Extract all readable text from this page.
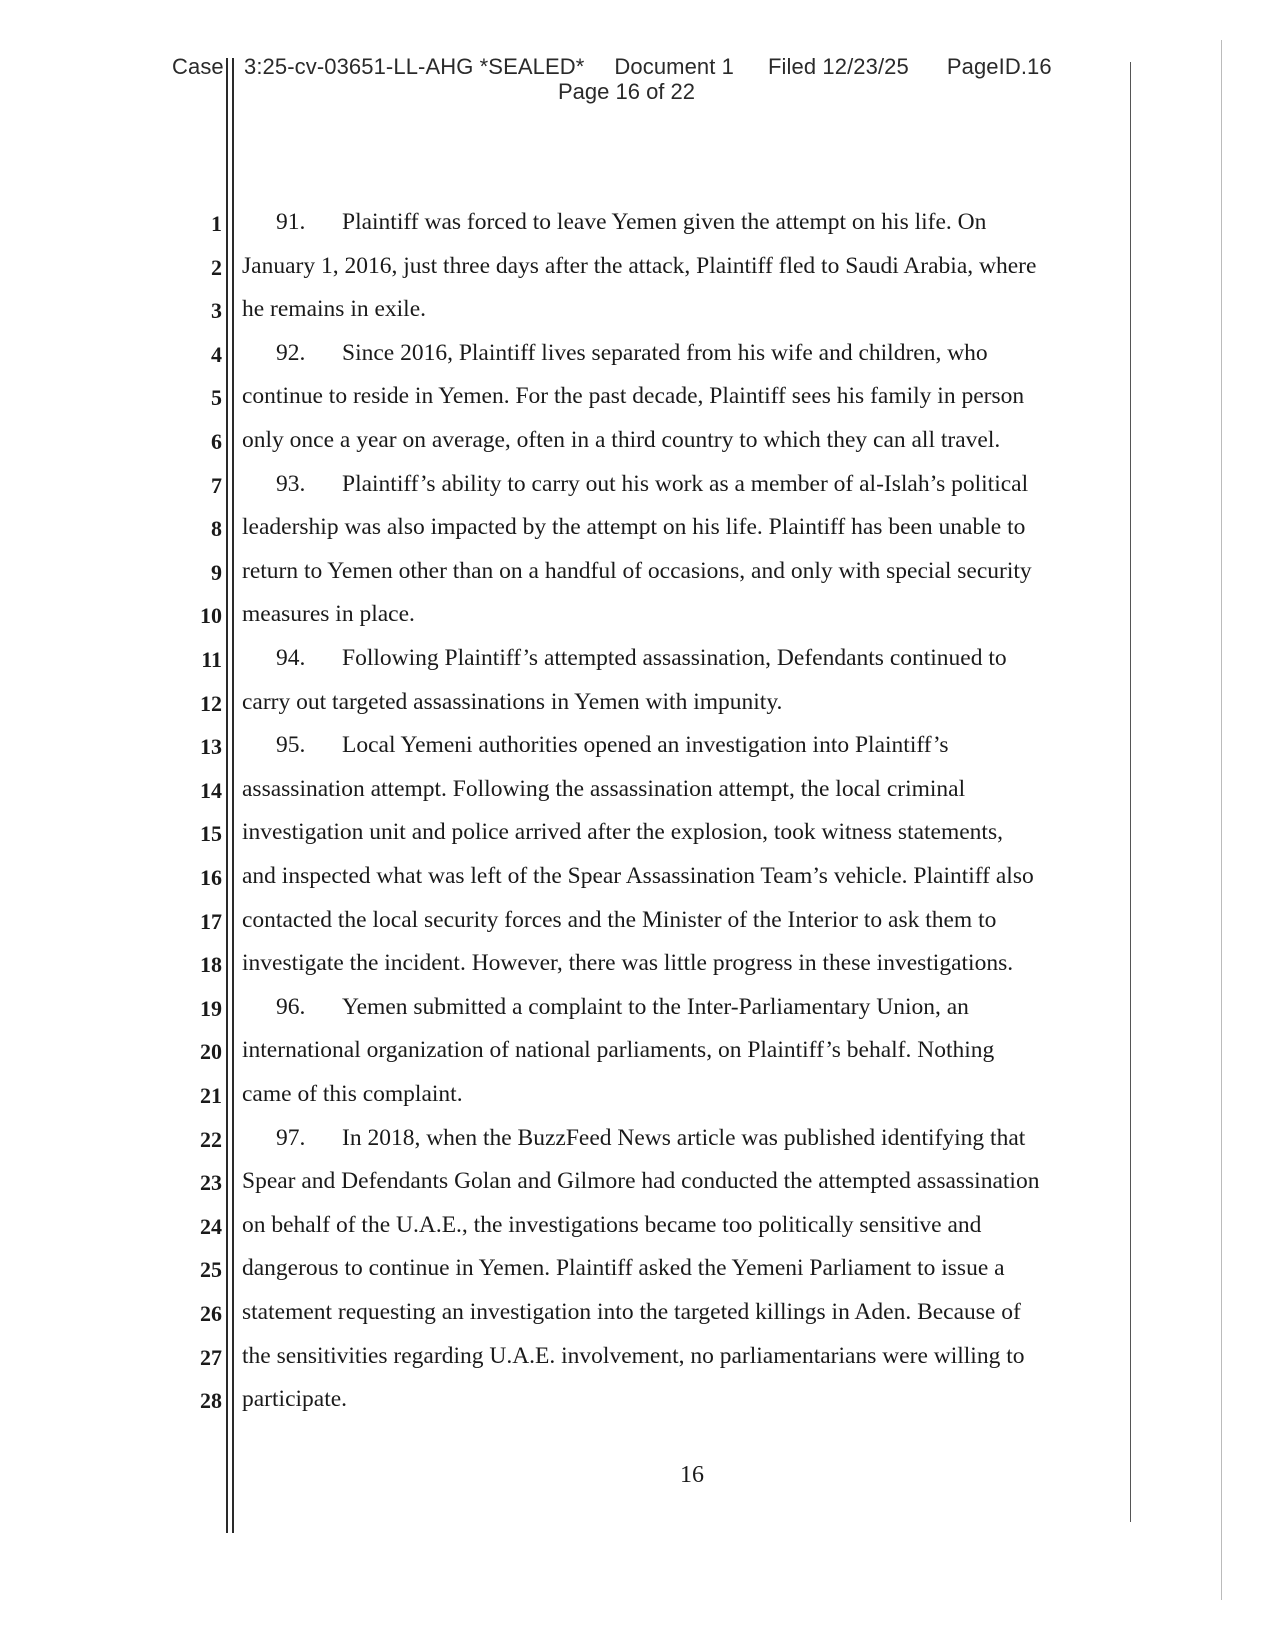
Case 3:25-cv-03651-LL-AHG *SEALED* Document 1 Filed 12/23/25 PageID.16
Page 16 of 22
1 91. Plaintiff was forced to leave Yemen given the attempt on his life. On
2 January 1, 2016, just three days after the attack, Plaintiff fled to Saudi Arabia, where
3 he remains in exile.
4 92. Since 2016, Plaintiff lives separated from his wife and children, who
5 continue to reside in Yemen. For the past decade, Plaintiff sees his family in person
6 only once a year on average, often in a third country to which they can all travel.
7 93. Plaintiff’s ability to carry out his work as a member of al-Islah’s political
8 leadership was also impacted by the attempt on his life. Plaintiff has been unable to
9 return to Yemen other than on a handful of occasions, and only with special security
10 measures in place.
11 94. Following Plaintiff’s attempted assassination, Defendants continued to
12 carry out targeted assassinations in Yemen with impunity.
13 95. Local Yemeni authorities opened an investigation into Plaintiff’s
14 assassination attempt. Following the assassination attempt, the local criminal
15 investigation unit and police arrived after the explosion, took witness statements,
16 and inspected what was left of the Spear Assassination Team’s vehicle. Plaintiff also
17 contacted the local security forces and the Minister of the Interior to ask them to
18 investigate the incident. However, there was little progress in these investigations.
19 96. Yemen submitted a complaint to the Inter-Parliamentary Union, an
20 international organization of national parliaments, on Plaintiff’s behalf. Nothing
21 came of this complaint.
22 97. In 2018, when the BuzzFeed News article was published identifying that
23 Spear and Defendants Golan and Gilmore had conducted the attempted assassination
24 on behalf of the U.A.E., the investigations became too politically sensitive and
25 dangerous to continue in Yemen. Plaintiff asked the Yemeni Parliament to issue a
26 statement requesting an investigation into the targeted killings in Aden. Because of
27 the sensitivities regarding U.A.E. involvement, no parliamentarians were willing to
28 participate.
16
